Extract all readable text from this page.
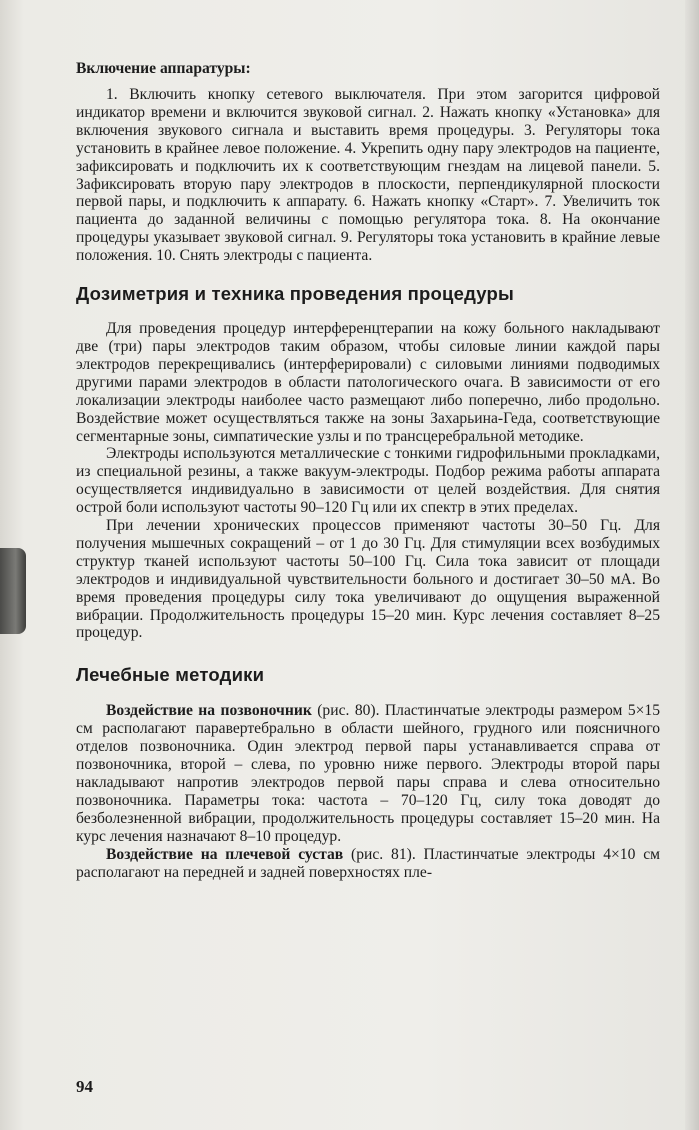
Включение аппаратуры:

1. Включить кнопку сетевого выключателя. При этом загорится цифровой индикатор времени и включится звуковой сигнал. 2. Нажать кнопку «Установка» для включения звукового сигнала и выставить время процедуры. 3. Регуляторы тока установить в крайнее левое положение. 4. Укрепить одну пару электродов на пациенте, зафиксировать и подключить их к соответствующим гнездам на лицевой панели. 5. Зафиксировать вторую пару электродов в плоскости, перпендикулярной плоскости первой пары, и подключить к аппарату. 6. Нажать кнопку «Старт». 7. Увеличить ток пациента до заданной величины с помощью регулятора тока. 8. На окончание процедуры указывает звуковой сигнал. 9. Регуляторы тока установить в крайние левые положения. 10. Снять электроды с пациента.

Дозиметрия и техника проведения процедуры

Для проведения процедур интерференцтерапии на кожу больного накладывают две (три) пары электродов таким образом, чтобы силовые линии каждой пары электродов перекрещивались (интерферировали) с силовыми линиями подводимых другими парами электродов в области патологического очага. В зависимости от его локализации электроды наиболее часто размещают либо поперечно, либо продольно. Воздействие может осуществляться также на зоны Захарьина-Геда, соответствующие сегментарные зоны, симпатические узлы и по трансцеребральной методике.

Электроды используются металлические с тонкими гидрофильными прокладками, из специальной резины, а также вакуум-электроды. Подбор режима работы аппарата осуществляется индивидуально в зависимости от целей воздействия. Для снятия острой боли используют частоты 90–120 Гц или их спектр в этих пределах.

При лечении хронических процессов применяют частоты 30–50 Гц. Для получения мышечных сокращений – от 1 до 30 Гц. Для стимуляции всех возбудимых структур тканей используют частоты 50–100 Гц. Сила тока зависит от площади электродов и индивидуальной чувствительности больного и достигает 30–50 мА. Во время проведения процедуры силу тока увеличивают до ощущения выраженной вибрации. Продолжительность процедуры 15–20 мин. Курс лечения составляет 8–25 процедур.

Лечебные методики

Воздействие на позвоночник (рис. 80). Пластинчатые электроды размером 5×15 см располагают паравертебрально в области шейного, грудного или поясничного отделов позвоночника. Один электрод первой пары устанавливается справа от позвоночника, второй – слева, по уровню ниже первого. Электроды второй пары накладывают напротив электродов первой пары справа и слева относительно позвоночника. Параметры тока: частота – 70–120 Гц, силу тока доводят до безболезненной вибрации, продолжительность процедуры составляет 15–20 мин. На курс лечения назначают 8–10 процедур.

Воздействие на плечевой сустав (рис. 81). Пластинчатые электроды 4×10 см располагают на передней и задней поверхностях пле-

94
